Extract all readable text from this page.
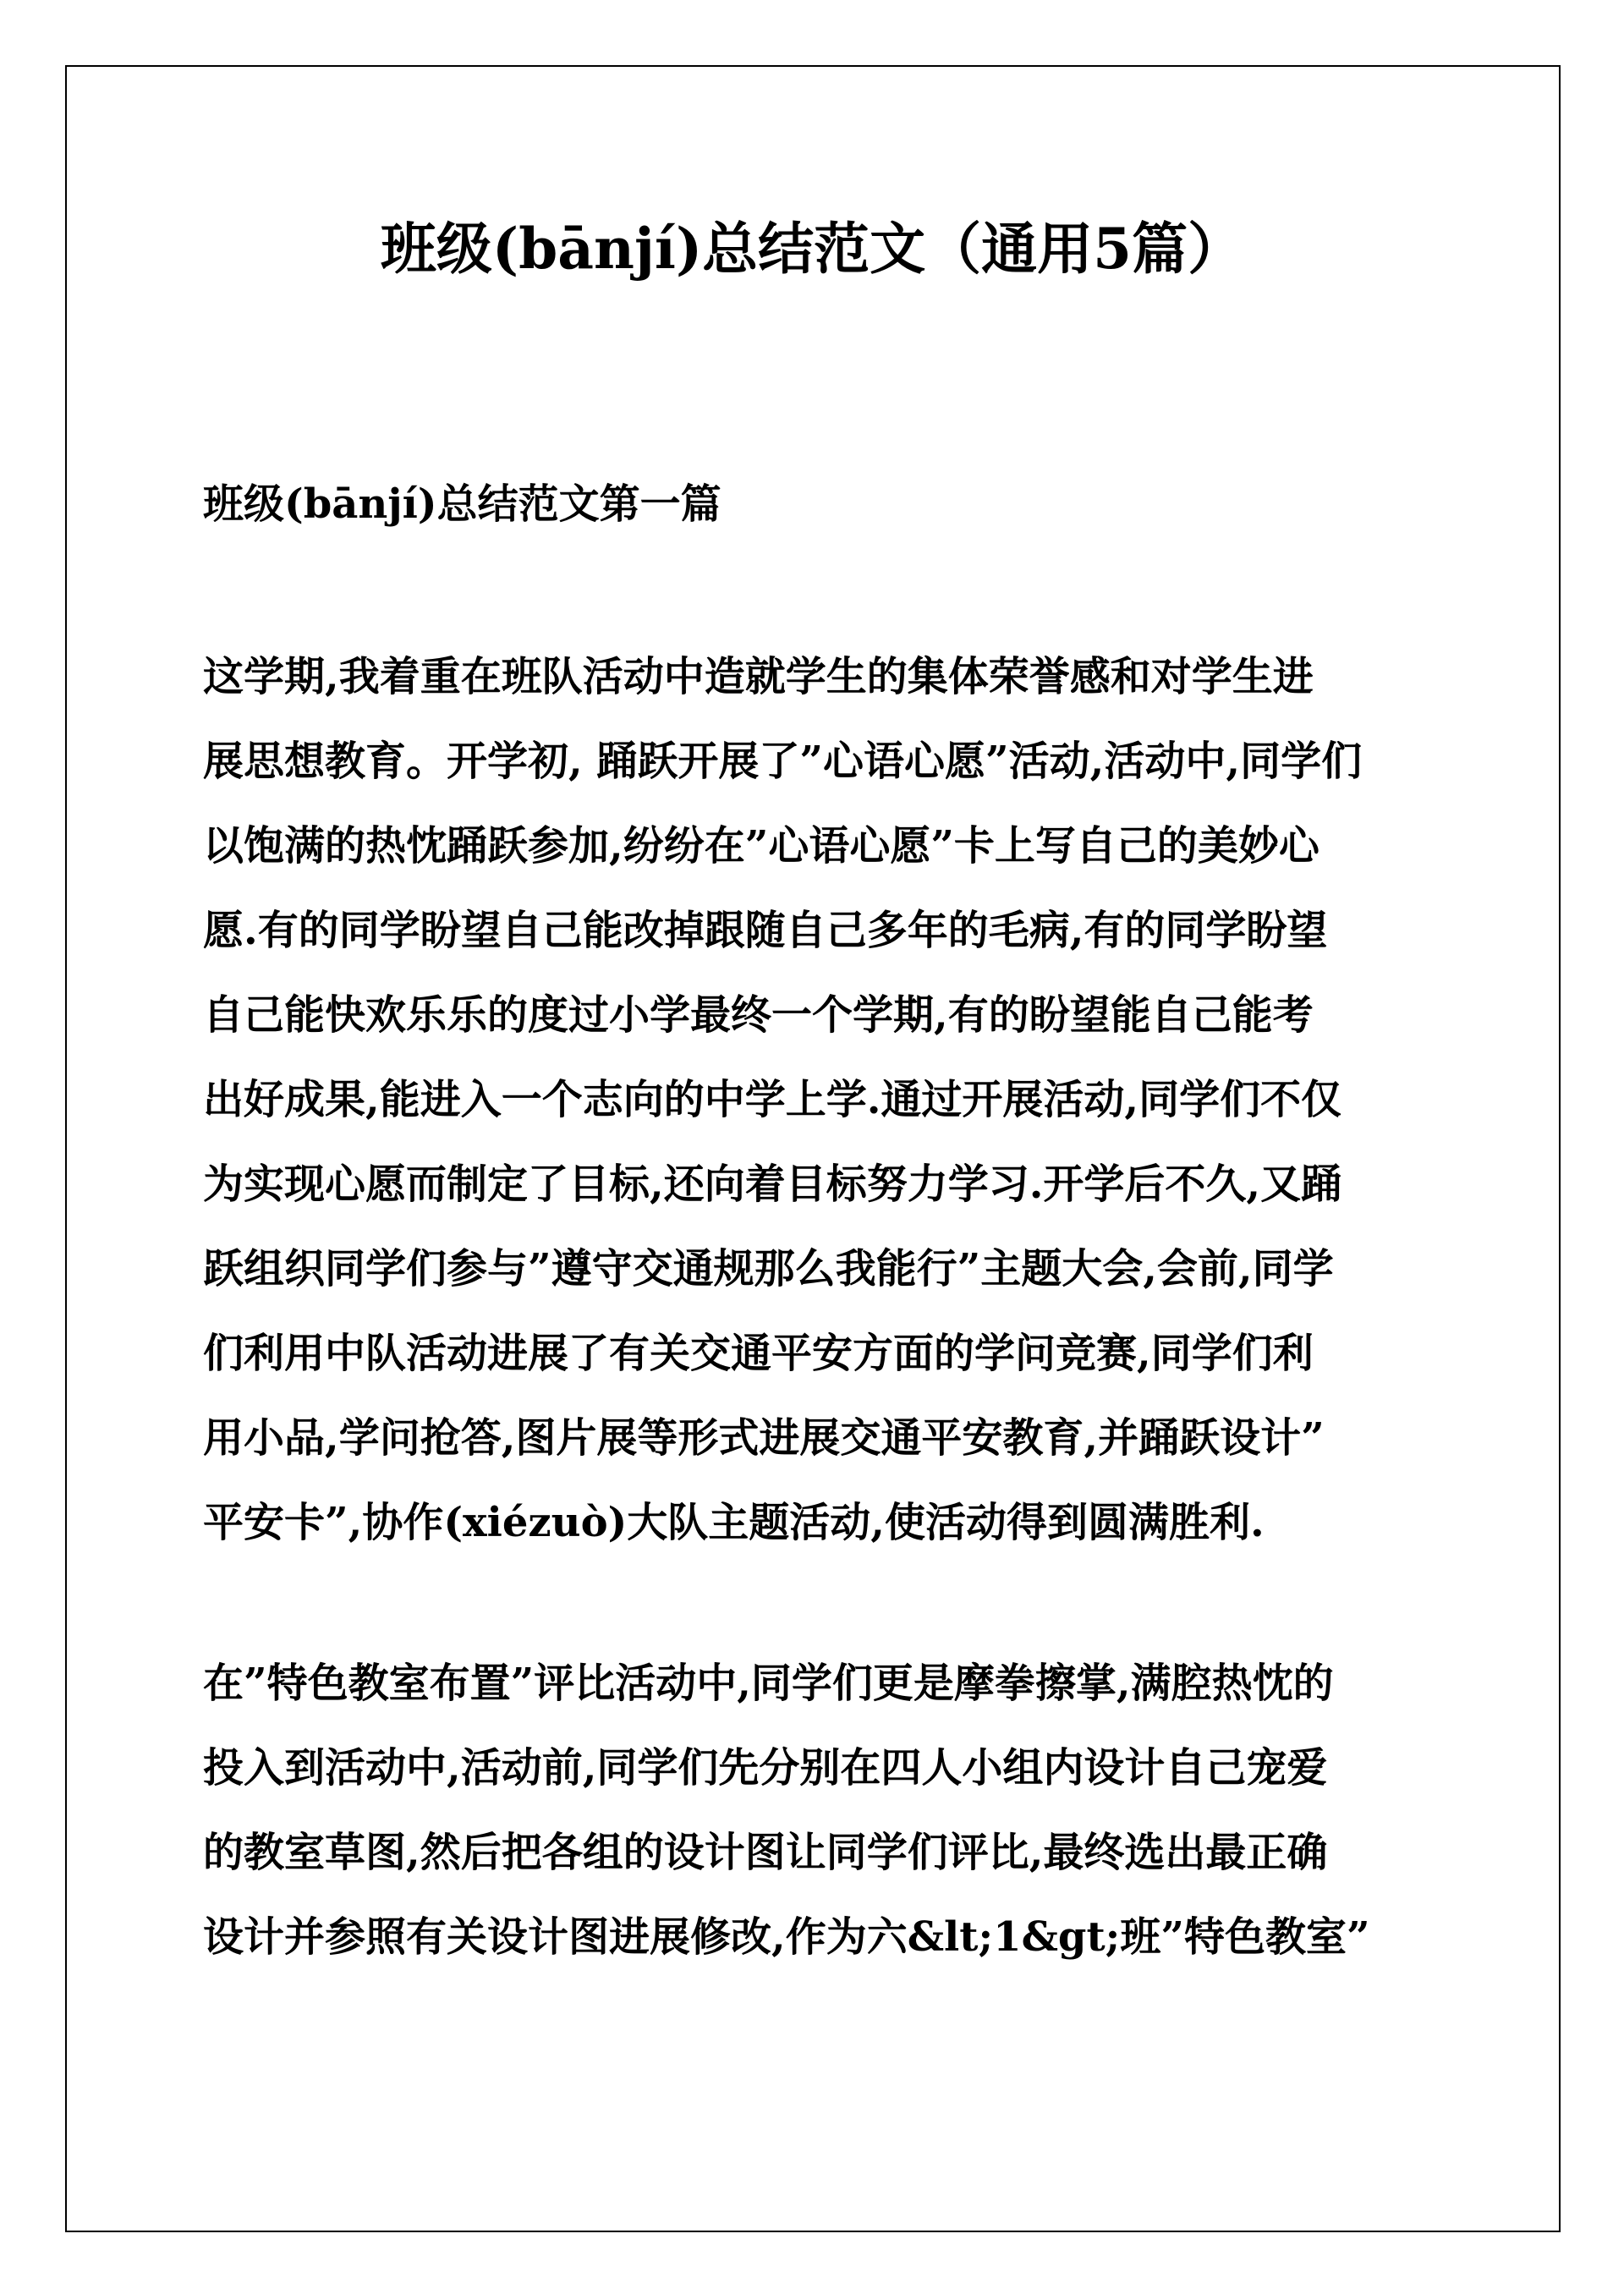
班级(bānjí)总结范文（通用5篇）
班级(bānjí)总结范文第一篇
这学期,我着重在班队活动中造就学生的集体荣誉感和对学生进
展思想教育。开学初, 踊跃开展了”心语心愿”活动,活动中,同学们
以饱满的热忱踊跃参加,纷纷在”心语心愿”卡上写自己的美妙心
愿.有的同学盼望自己能改掉跟随自己多年的毛病,有的同学盼望
自己能快欢乐乐的度过小学最终一个学期,有的盼望能自己能考
出好成果,能进入一个志向的中学上学.通过开展活动,同学们不仅
为实现心愿而制定了目标,还向着目标努力学习.开学后不久,又踊
跃组织同学们参与”遵守交通规那么我能行”主题大会,会前,同学
们利用中队活动进展了有关交通平安方面的学问竞赛,同学们利
用小品,学问抢答,图片展等形式进展交通平安教育,并踊跃设计”
平安卡”,协作(xiézuò)大队主题活动,使活动得到圆满胜利.
在”特色教室布置”评比活动中,同学们更是摩拳擦掌,满腔热忱的
投入到活动中,活动前,同学们先分别在四人小组内设计自己宠爱
的教室草图,然后把各组的设计图让同学们评比,最终选出最正确
设计并参照有关设计图进展修改,作为六&lt;1&gt;班”特色教室”
